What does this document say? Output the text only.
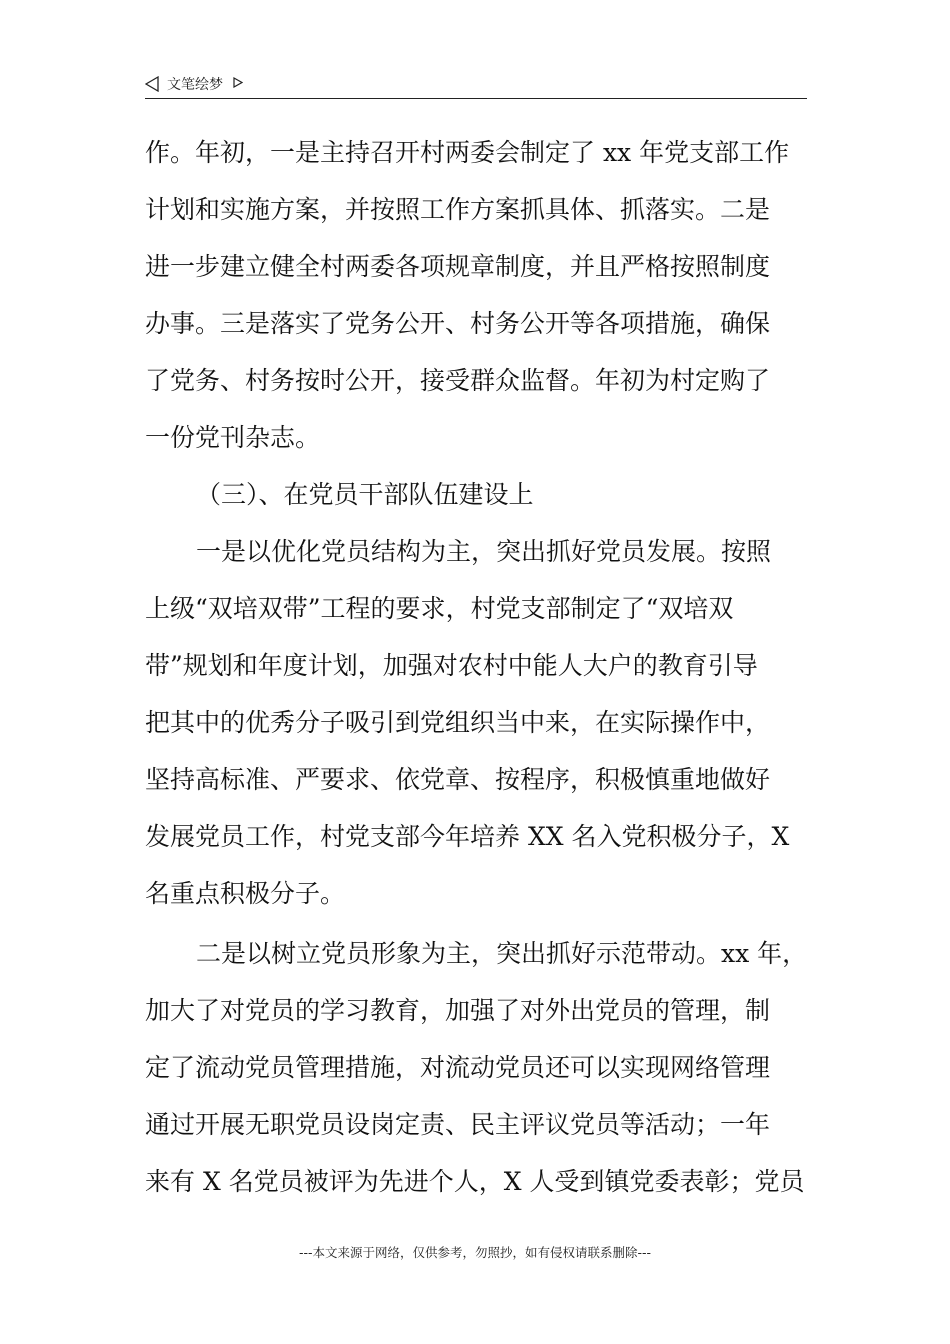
文笔绘梦
作。年初，一是主持召开村两委会制定了 xx 年党支部工作
计划和实施方案，并按照工作方案抓具体、抓落实。二是
进一步建立健全村两委各项规章制度，并且严格按照制度
办事。三是落实了党务公开、村务公开等各项措施，确保
了党务、村务按时公开，接受群众监督。年初为村定购了
一份党刊杂志。
（三）、在党员干部队伍建设上
一是以优化党员结构为主，突出抓好党员发展。按照
上级“双培双带”工程的要求，村党支部制定了“双培双
带”规划和年度计划，加强对农村中能人大户的教育引导
把其中的优秀分子吸引到党组织当中来，在实际操作中，
坚持高标准、严要求、依党章、按程序，积极慎重地做好
发展党员工作，村党支部今年培养 XX 名入党积极分子，X
名重点积极分子。
二是以树立党员形象为主，突出抓好示范带动。xx 年，
加大了对党员的学习教育，加强了对外出党员的管理，制
定了流动党员管理措施，对流动党员还可以实现网络管理
通过开展无职党员设岗定责、民主评议党员等活动；一年
来有 X 名党员被评为先进个人，X 人受到镇党委表彰；党员
---本文来源于网络，仅供参考，勿照抄，如有侵权请联系删除---
